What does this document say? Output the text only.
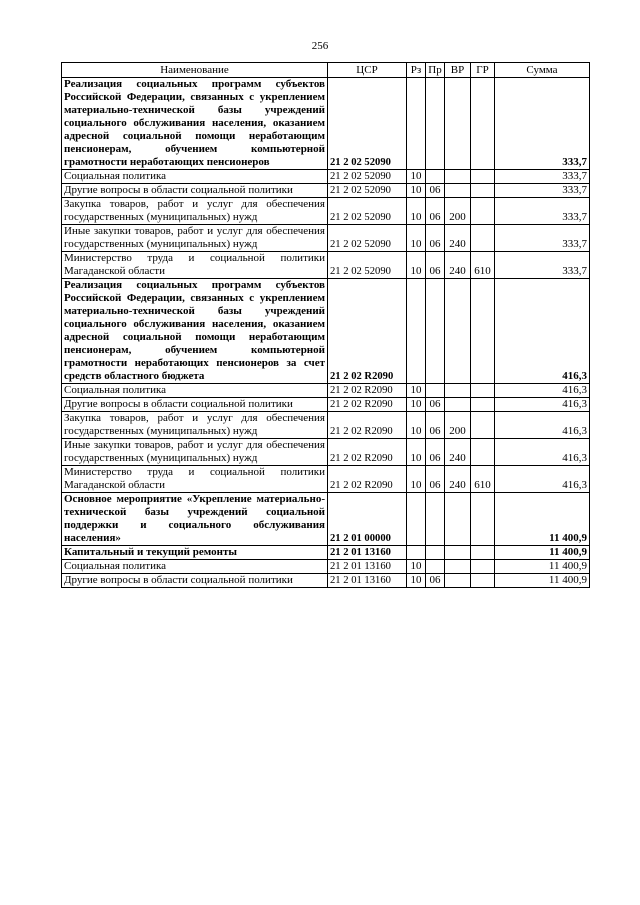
256
Наименование	ЦСР	Рз	Пр	ВР	ГР	Сумма
Реализация социальных программ субъектов Российской Федерации, связанных с укреплением материально-технической базы учреждений социального обслуживания населения, оказанием адресной социальной помощи неработающим пенсионерам, обучением компьютерной грамотности неработающих пенсионеров	21 2 02 52090					333,7
Социальная политика	21 2 02 52090	10				333,7
Другие вопросы в области социальной политики	21 2 02 52090	10	06			333,7
Закупка товаров, работ и услуг для обеспечения государственных (муниципальных) нужд	21 2 02 52090	10	06	200		333,7
Иные закупки товаров, работ и услуг для обеспечения государственных (муниципальных) нужд	21 2 02 52090	10	06	240		333,7
Министерство труда и социальной политики Магаданской области	21 2 02 52090	10	06	240	610	333,7
Реализация социальных программ субъектов Российской Федерации, связанных с укреплением материально-технической базы учреждений социального обслуживания населения, оказанием адресной социальной помощи неработающим пенсионерам, обучением компьютерной грамотности неработающих пенсионеров за счет средств областного бюджета	21 2 02 R2090					416,3
Социальная политика	21 2 02 R2090	10				416,3
Другие вопросы в области социальной политики	21 2 02 R2090	10	06			416,3
Закупка товаров, работ и услуг для обеспечения государственных (муниципальных) нужд	21 2 02 R2090	10	06	200		416,3
Иные закупки товаров, работ и услуг для обеспечения государственных (муниципальных) нужд	21 2 02 R2090	10	06	240		416,3
Министерство труда и социальной политики Магаданской области	21 2 02 R2090	10	06	240	610	416,3
Основное мероприятие «Укрепление материально-технической базы учреждений социальной поддержки и социального обслуживания населения»	21 2 01 00000					11 400,9
Капитальный и текущий ремонты	21 2 01 13160					11 400,9
Социальная политика	21 2 01 13160	10				11 400,9
Другие вопросы в области социальной политики	21 2 01 13160	10	06			11 400,9
